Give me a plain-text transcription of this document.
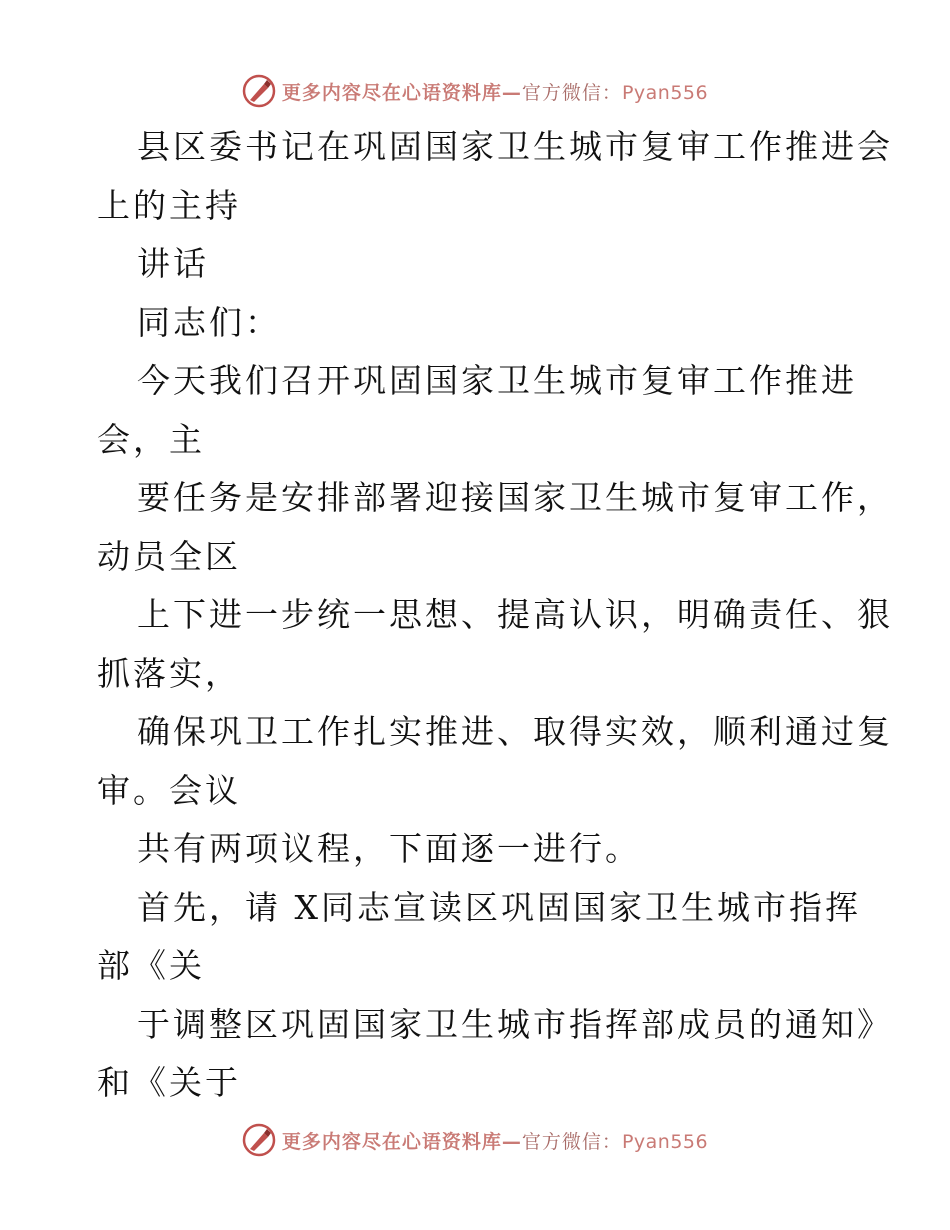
更多内容尽在心语资料库—官方微信：Pyan556
县区委书记在巩固国家卫生城市复审工作推进会
上的主持
讲话
同志们：
今天我们召开巩固国家卫生城市复审工作推进
会，主
要任务是安排部署迎接国家卫生城市复审工作，
动员全区
上下进一步统一思想、提高认识，明确责任、狠
抓落实，
确保巩卫工作扎实推进、取得实效，顺利通过复
审。会议
共有两项议程，下面逐一进行。
首先，请 X同志宣读区巩固国家卫生城市指挥
部《关
于调整区巩固国家卫生城市指挥部成员的通知》
和《关于
更多内容尽在心语资料库—官方微信：Pyan556
